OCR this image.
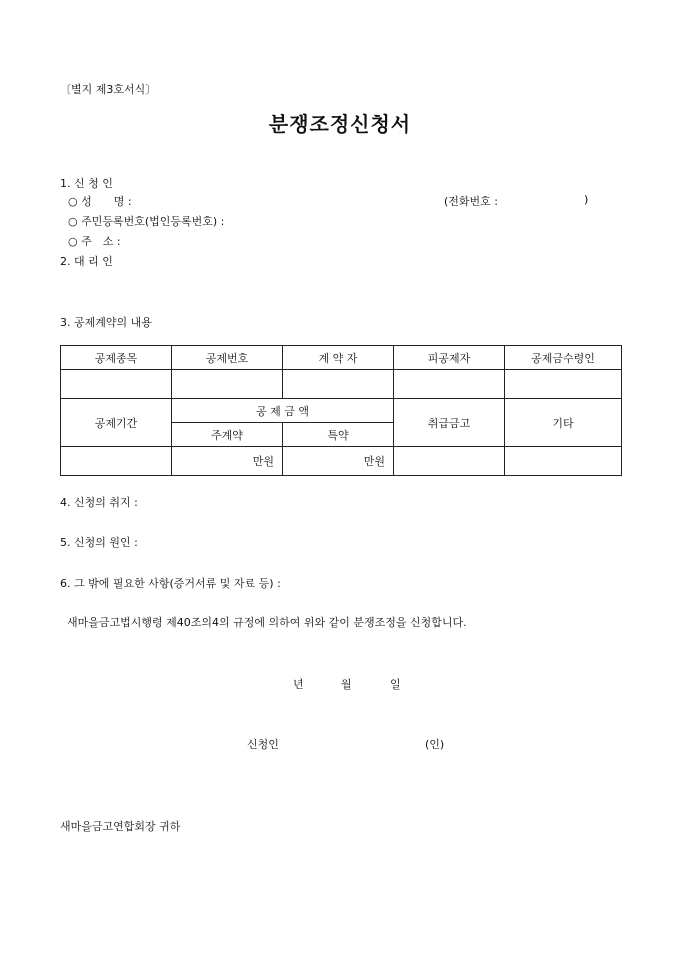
〔별지 제3호서식〕
분쟁조정신청서
1. 신 청 인
○ 성　　명 :	(전화번호 :	)
○ 주민등록번호(법인등록번호) :
○ 주　소 :
2. 대 리 인
3. 공제계약의 내용
공제종목	공제번호	계 약 자	피공제자	공제금수령인

공제기간	공 제 금 액		취급금고	기타
	주계약	특약		
	만원	만원		
4. 신청의 취지 :
5. 신청의 원인 :
6. 그 밖에 필요한 사항(증거서류 및 자료 등) :
새마을금고법시행령 제40조의4의 규정에 의하여 위와 같이 분쟁조정을 신청합니다.
년	월	일
신청인	(인)
새마을금고연합회장 귀하
